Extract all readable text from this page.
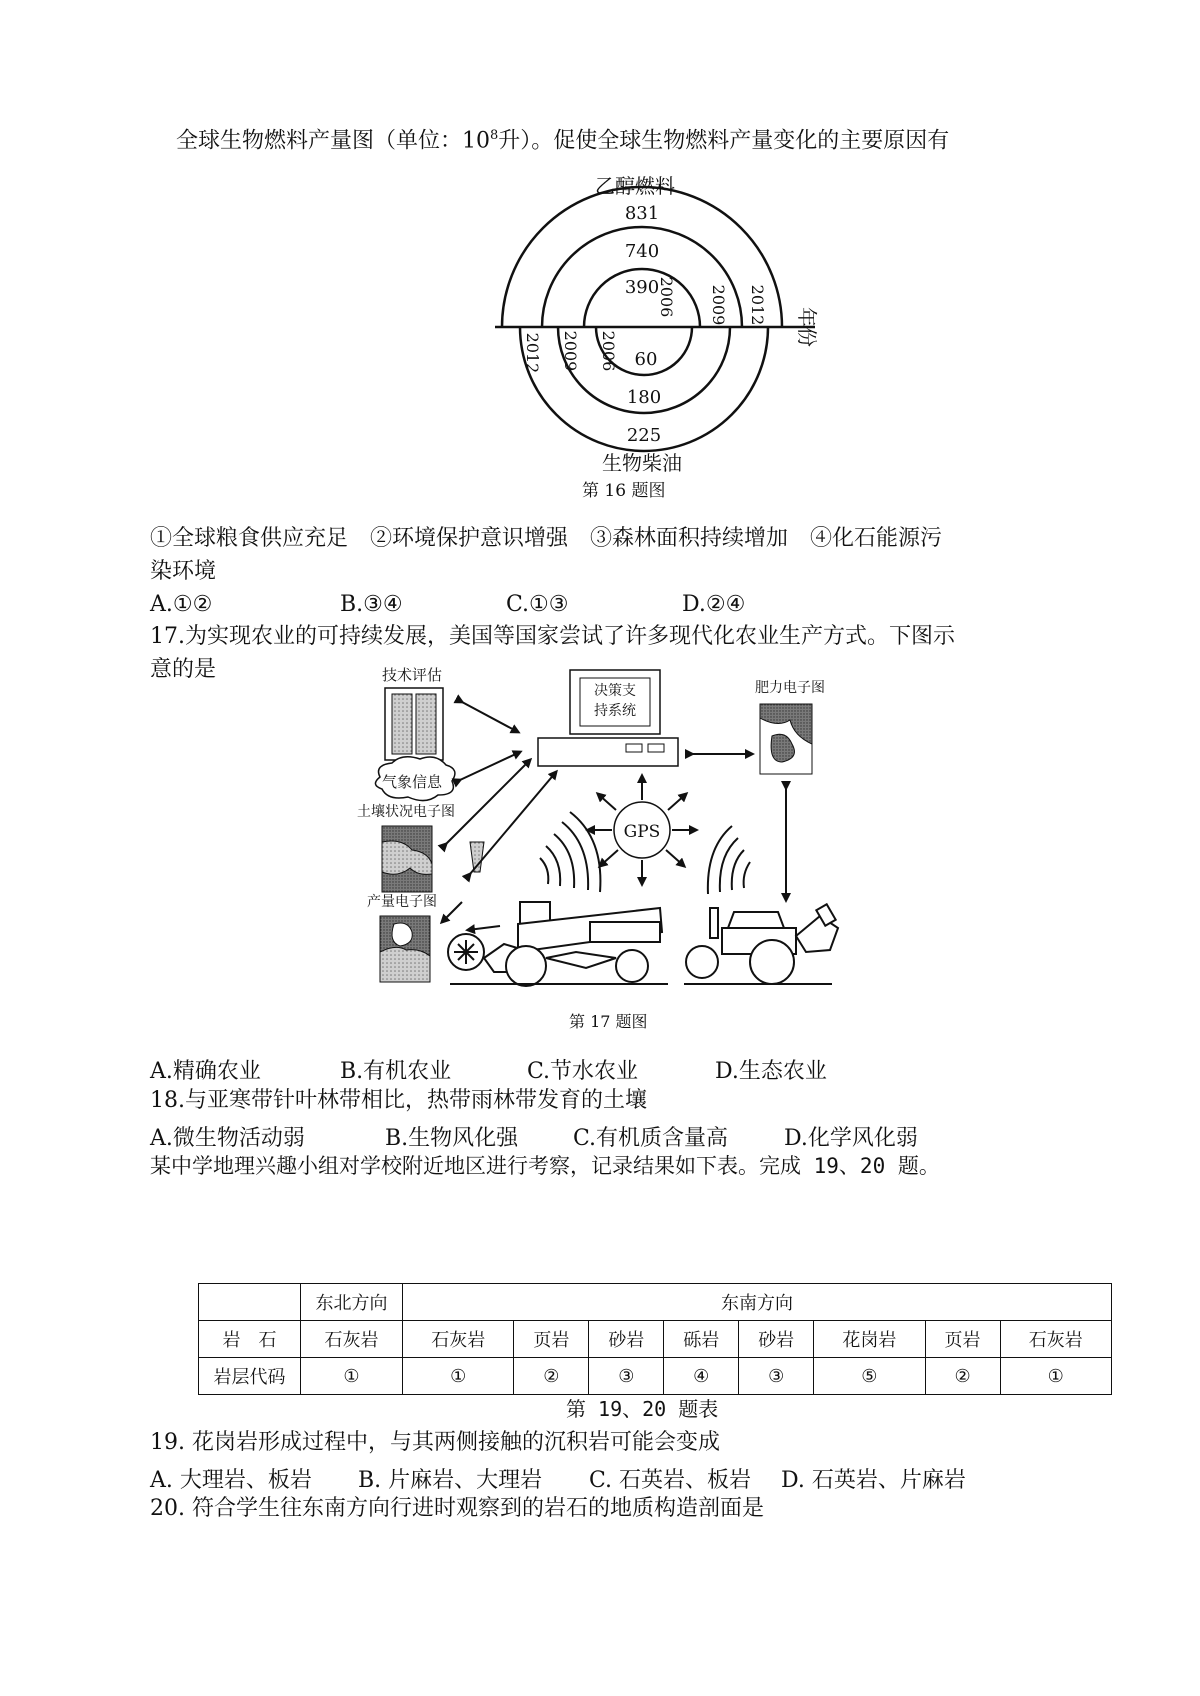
全球生物燃料产量图（单位：$10^8$升）。促使全球生物燃料产量变化的主要原因有
乙醇燃料
生物柴油
年份
831
740
390
60
180
225
2006 2009 2012
2006
2009
2012
第 16 题图
①全球粮食供应充足　②环境保护意识增强　③森林面积持续增加　④化石能源污
染环境
A.①②	B.③④	C.①③	D.②④
17.为实现农业的可持续发展，美国等国家尝试了许多现代化农业生产方式。下图示
意的是	技术评估
气象信息
土壤状况电子图
产量电子图
决策支
持系统
肥力电子图
GPS
第 17 题图
A.精确农业	B.有机农业	C.节水农业	D.生态农业
18.与亚寒带针叶林带相比，热带雨林带发育的土壤
A.微生物活动弱	B.生物风化强 C.有机质含量高	D.化学风化弱
某中学地理兴趣小组对学校附近地区进行考察，记录结果如下表。完成 19、20 题。
	东北方向	东南方向							
岩　石	石灰岩	石灰岩	页岩	砂岩	砾岩	砂岩	花岗岩	页岩	石灰岩
岩层代码	①	①	②	③	④	③	⑤	②	①
第 19、20 题表
19. 花岗岩形成过程中，与其两侧接触的沉积岩可能会变成
A. 大理岩、板岩 B. 片麻岩、大理岩 C. 石英岩、板岩 D. 石英岩、片麻岩
20. 符合学生往东南方向行进时观察到的岩石的地质构造剖面是
